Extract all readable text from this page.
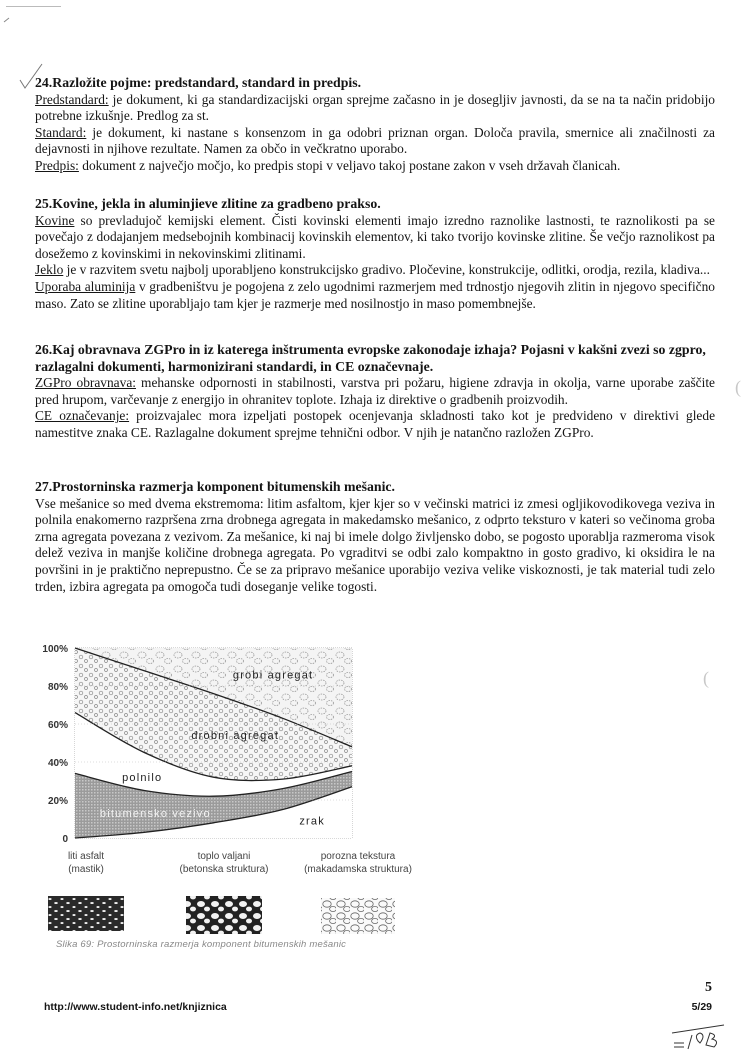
24.Razložite pojme: predstandard, standard in predpis.

Predstandard: je dokument, ki ga standardizacijski organ sprejme začasno in je dosegljiv javnosti, da se na ta način pridobijo potrebne izkušnje. Predlog za st.

Standard: je dokument, ki nastane s konsenzom in ga odobri priznan organ. Določa pravila, smernice ali značilnosti za dejavnosti in njihove rezultate. Namen za občo in večkratno uporabo.

Predpis: dokument z največjo močjo, ko predpis stopi v veljavo takoj postane zakon v vseh državah članicah.

25.Kovine, jekla in aluminjieve zlitine za gradbeno prakso.

Kovine so prevladujoč kemijski element. Čisti kovinski elementi imajo izredno raznolike lastnosti, te raznolikosti pa se povečajo z dodajanjem medsebojnih kombinacij kovinskih elementov, ki tako tvorijo kovinske zlitine. Še večjo raznolikost pa dosežemo z kovinskimi in nekovinskimi zlitinami.

Jeklo je v razvitem svetu najbolj uporabljeno konstrukcijsko gradivo. Pločevine, konstrukcije, odlitki, orodja, rezila, kladiva...

Uporaba aluminija v gradbeništvu je pogojena z zelo ugodnimi razmerjem med trdnostjo njegovih zlitin in njegovo specifično maso. Zato se zlitine uporabljajo tam kjer je razmerje med nosilnostjo in maso pomembnejše.

26.Kaj obravnava ZGPro in iz katerega inštrumenta evropske zakonodaje izhaja? Pojasni v kakšni zvezi so zgpro, razlagalni dokumenti, harmonizirani standardi, in CE označevnaje.

ZGPro obravnava: mehanske odpornosti in stabilnosti, varstva pri požaru, higiene zdravja in okolja, varne uporabe zaščite pred hrupom, varčevanje z energijo in ohranitev toplote. Izhaja iz direktive o gradbenih proizvodih.

CE označevanje: proizvajalec mora izpeljati postopek ocenjevanja skladnosti tako kot je predvideno v direktivi glede namestitve znaka CE. Razlagalne dokument sprejme tehnični odbor. V njih je natančno razložen ZGPro.

27.Prostorninska razmerja komponent bitumenskih mešanic.

Vse mešanice so med dvema ekstremoma: litim asfaltom, kjer kjer so v večinski matrici iz zmesi ogljikovodikovega veziva in polnila enakomerno razpršena zrna drobnega agregata in makedamsko mešanico, z odprto teksturo v kateri so večinoma groba zrna agregata povezana z vezivom. Za mešanice, ki naj bi imele dolgo življensko dobo, se pogosto uporablja razmeroma visok delež veziva in manjše količine drobnega agregata. Po vgraditvi se odbi zalo kompaktno in gosto gradivo, ki oksidira le na površini in je praktično neprepustno. Če se za pripravo mešanice uporabijo veziva velike viskoznosti, je tak material tudi zelo trden, izbira agregata pa omogoča tudi doseganje velike togosti.

(
(
100%
80%
60%
40%
20%
0
grobi agregat
drobni agregat
polnilo
bitumensko vezivo
zrak
liti asfalt
(mastik)
toplo valjani
(betonska struktura)
porozna tekstura
(makadamska struktura)
Slika 69: Prostorninska razmerja komponent bitumenskih mešanic
5
http://www.student-info.net/knjiznica	5/29
